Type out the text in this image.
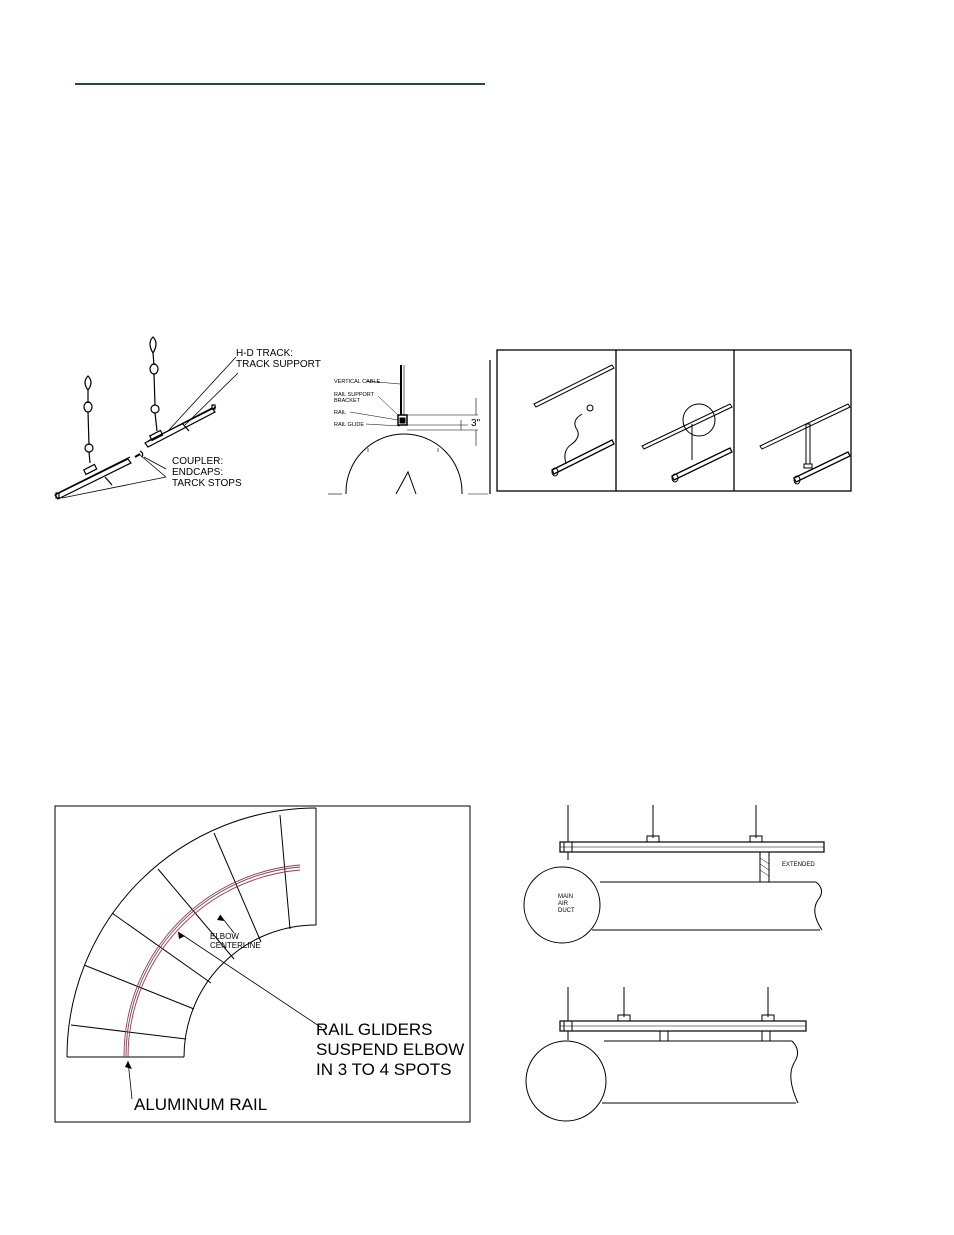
H-D TRACK:
TRACK SUPPORT
COUPLER:
ENDCAPS:
TARCK STOPS
VERTICAL CABLE
RAIL SUPPORT
BRACKET
RAIL
RAIL GLIDE	3"
ELBOW
CENTERLINE
RAIL GLIDERS
SUSPEND ELBOW
IN 3 TO 4 SPOTS
ALUMINUM RAIL
EXTENDED
MAIN
AIR
DUCT
